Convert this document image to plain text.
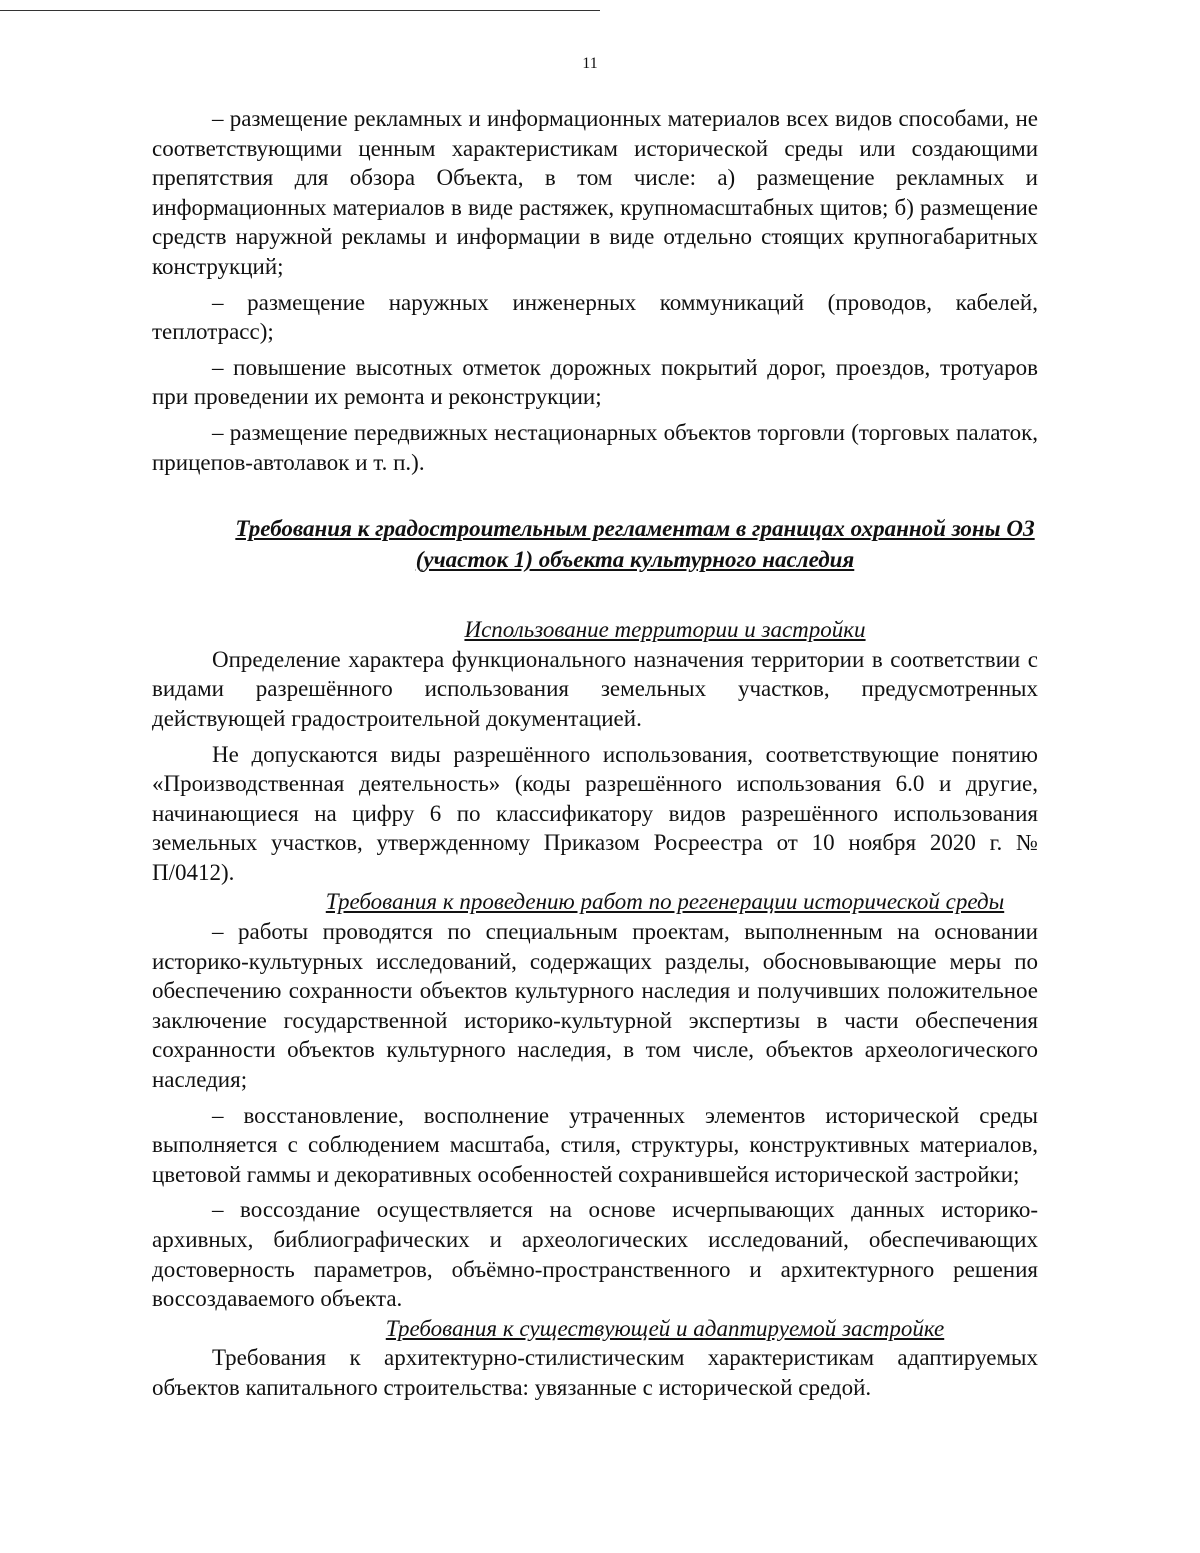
11

– размещение рекламных и информационных материалов всех видов способами, не соответствующими ценным характеристикам исторической среды или создающими препятствия для обзора Объекта, в том числе: а) размещение рекламных и информационных материалов в виде растяжек, крупномасштабных щитов; б) размещение средств наружной рекламы и информации в виде отдельно стоящих крупногабаритных конструкций;

– размещение наружных инженерных коммуникаций (проводов, кабелей, теплотрасс);

– повышение высотных отметок дорожных покрытий дорог, проездов, тротуаров при проведении их ремонта и реконструкции;

– размещение передвижных нестационарных объектов торговли (торговых палаток, прицепов-автолавок и т. п.).

Требования к градостроительным регламентам в границах охранной зоны ОЗ (участок 1) объекта культурного наследия

Использование территории и застройки

Определение характера функционального назначения территории в соответствии с видами разрешённого использования земельных участков, предусмотренных действующей градостроительной документацией.

Не допускаются виды разрешённого использования, соответствующие понятию «Производственная деятельность» (коды разрешённого использования 6.0 и другие, начинающиеся на цифру 6 по классификатору видов разрешённого использования земельных участков, утвержденному Приказом Росреестра от 10 ноября 2020 г. № П/0412).

Требования к проведению работ по регенерации исторической среды

– работы проводятся по специальным проектам, выполненным на основании историко-культурных исследований, содержащих разделы, обосновывающие меры по обеспечению сохранности объектов культурного наследия и получивших положительное заключение государственной историко-культурной экспертизы в части обеспечения сохранности объектов культурного наследия, в том числе, объектов археологического наследия;

– восстановление, восполнение утраченных элементов исторической среды выполняется с соблюдением масштаба, стиля, структуры, конструктивных материалов, цветовой гаммы и декоративных особенностей сохранившейся исторической застройки;

– воссоздание осуществляется на основе исчерпывающих данных историко-архивных, библиографических и археологических исследований, обеспечивающих достоверность параметров, объёмно-пространственного и архитектурного решения воссоздаваемого объекта.

Требования к существующей и адаптируемой застройке

Требования к архитектурно-стилистическим характеристикам адаптируемых объектов капитального строительства: увязанные с исторической средой.
